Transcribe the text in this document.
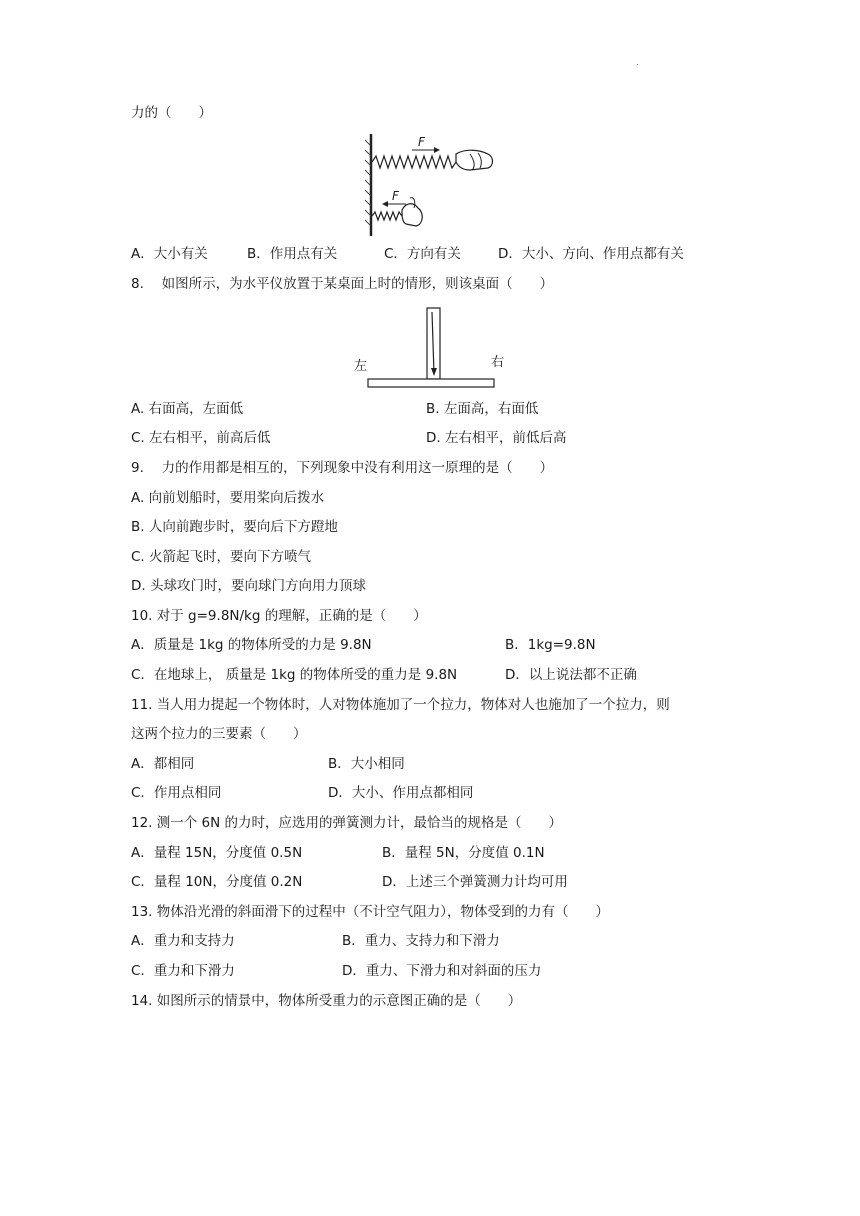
.
力的（　　）
F
F
A．大小有关	B．作用点有关	C．方向有关	D．大小、方向、作用点都有关
8.　 如图所示，为水平仪放置于某桌面上时的情形，则该桌面（　　）
左	右
A. 右面高，左面低	B. 左面高，右面低
C. 左右相平，前高后低	D. 左右相平，前低后高
9.　 力的作用都是相互的，下列现象中没有利用这一原理的是（　　）
A. 向前划船时，要用桨向后拨水
B. 人向前跑步时，要向后下方蹬地
C. 火箭起飞时，要向下方喷气
D. 头球攻门时，要向球门方向用力顶球
10. 对于 g=9.8N/kg 的理解，正确的是（　　）
A．质量是 1kg 的物体所受的力是 9.8N	B．1kg=9.8N
C．在地球上， 质量是 1kg 的物体所受的重力是 9.8N	D．以上说法都不正确
11. 当人用力提起一个物体时，人对物体施加了一个拉力，物体对人也施加了一个拉力，则
这两个拉力的三要素（　　）
A．都相同	B．大小相同
C．作用点相同	D．大小、作用点都相同
12. 测一个 6N 的力时，应选用的弹簧测力计，最恰当的规格是（　　）
A．量程 15N，分度值 0.5N	B．量程 5N，分度值 0.1N
C．量程 10N，分度值 0.2N	D．上述三个弹簧测力计均可用
13. 物体沿光滑的斜面滑下的过程中（不计空气阻力），物体受到的力有（　　）
A．重力和支持力	B．重力、支持力和下滑力
C．重力和下滑力	D．重力、下滑力和对斜面的压力
14. 如图所示的情景中，物体所受重力的示意图正确的是（　　）
